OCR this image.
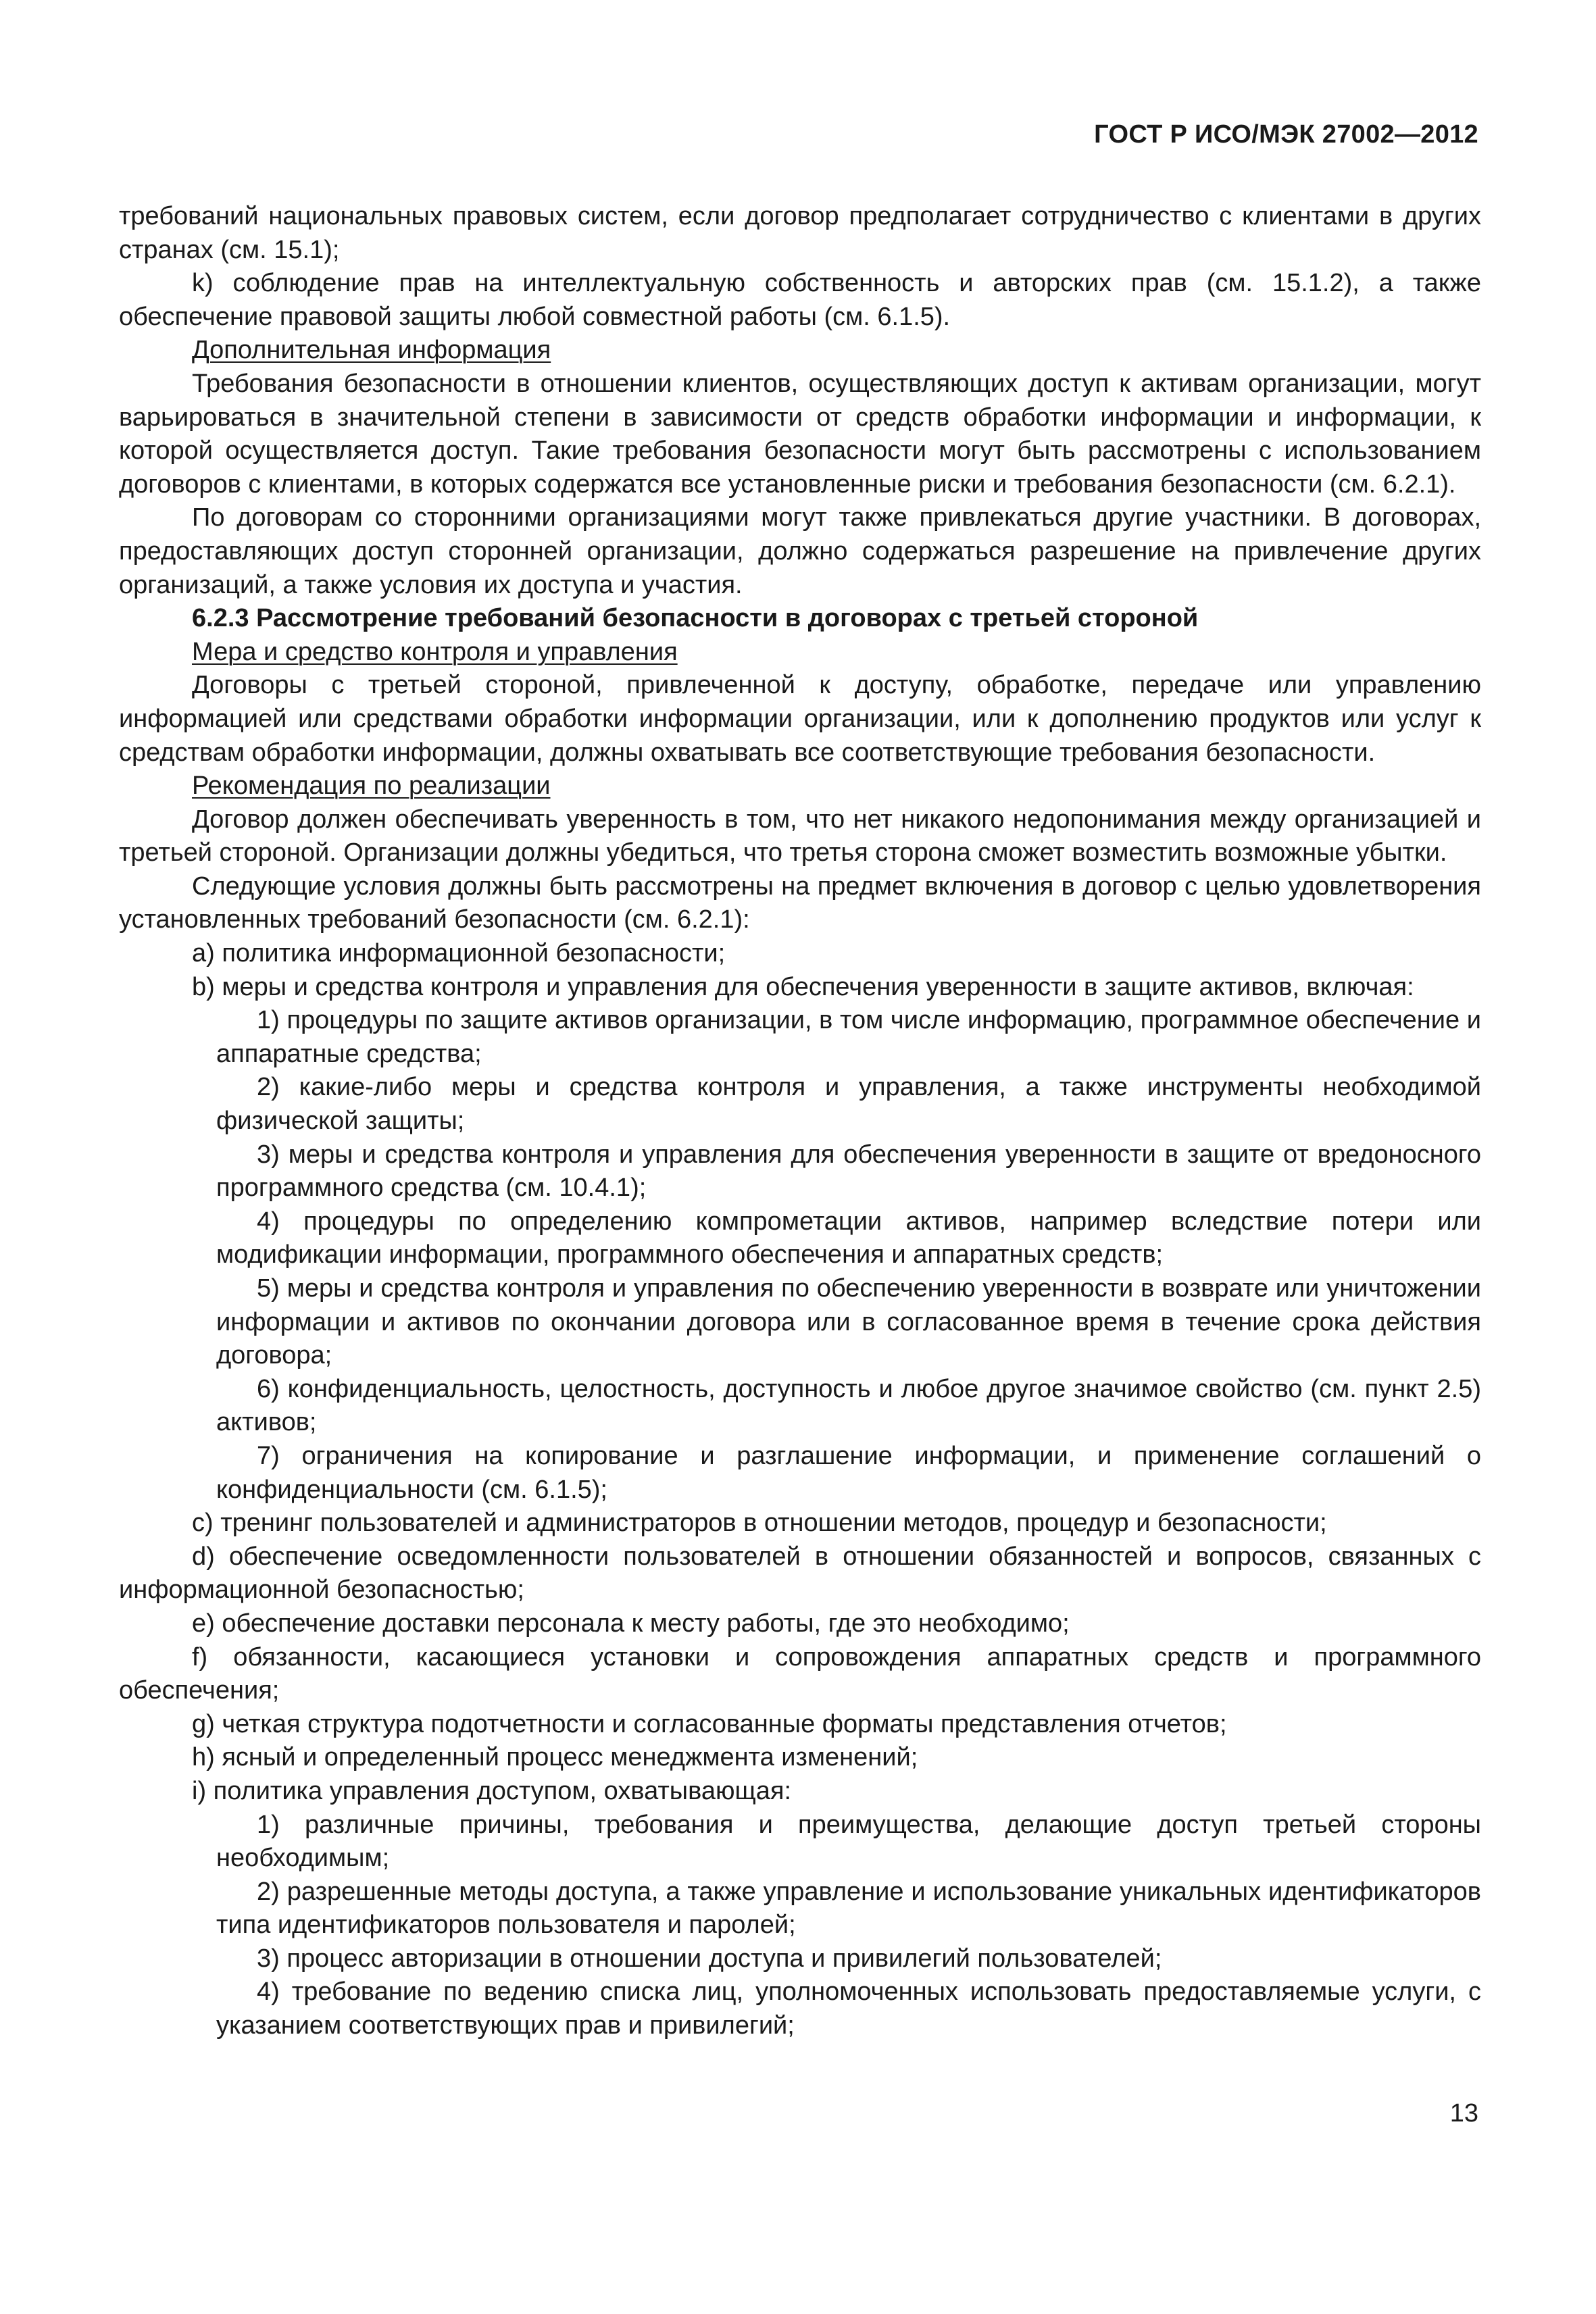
ГОСТ Р ИСО/МЭК 27002—2012

требований национальных правовых систем, если договор предполагает сотрудничество с клиентами в других странах (см. 15.1);

k) соблюдение прав на интеллектуальную собственность и авторских прав (см. 15.1.2), а также обеспечение правовой защиты любой совместной работы (см. 6.1.5).

Дополнительная информация

Требования безопасности в отношении клиентов, осуществляющих доступ к активам организации, могут варьироваться в значительной степени в зависимости от средств обработки информации и информации, к которой осуществляется доступ. Такие требования безопасности могут быть рассмотрены с использованием договоров с клиентами, в которых содержатся все установленные риски и требования безопасности (см. 6.2.1).

По договорам со сторонними организациями могут также привлекаться другие участники. В договорах, предоставляющих доступ сторонней организации, должно содержаться разрешение на привлечение других организаций, а также условия их доступа и участия.

6.2.3 Рассмотрение требований безопасности в договорах с третьей стороной

Мера и средство контроля и управления

Договоры с третьей стороной, привлеченной к доступу, обработке, передаче или управлению информацией или средствами обработки информации организации, или к дополнению продуктов или услуг к средствам обработки информации, должны охватывать все соответствующие требования безопасности.

Рекомендация по реализации

Договор должен обеспечивать уверенность в том, что нет никакого недопонимания между организацией и третьей стороной. Организации должны убедиться, что третья сторона сможет возместить возможные убытки.

Следующие условия должны быть рассмотрены на предмет включения в договор с целью удовлетворения установленных требований безопасности (см. 6.2.1):

a) политика информационной безопасности;

b) меры и средства контроля и управления для обеспечения уверенности в защите активов, включая:

1) процедуры по защите активов организации, в том числе информацию, программное обеспечение и аппаратные средства;

2) какие-либо меры и средства контроля и управления, а также инструменты необходимой физической защиты;

3) меры и средства контроля и управления для обеспечения уверенности в защите от вредоносного программного средства (см. 10.4.1);

4) процедуры по определению компрометации активов, например вследствие потери или модификации информации, программного обеспечения и аппаратных средств;

5) меры и средства контроля и управления по обеспечению уверенности в возврате или уничтожении информации и активов по окончании договора или в согласованное время в течение срока действия договора;

6) конфиденциальность, целостность, доступность и любое другое значимое свойство (см. пункт 2.5) активов;

7) ограничения на копирование и разглашение информации, и применение соглашений о конфиденциальности (см. 6.1.5);

c) тренинг пользователей и администраторов в отношении методов, процедур и безопасности;

d) обеспечение осведомленности пользователей в отношении обязанностей и вопросов, связанных с информационной безопасностью;

e) обеспечение доставки персонала к месту работы, где это необходимо;

f) обязанности, касающиеся установки и сопровождения аппаратных средств и программного обеспечения;

g) четкая структура подотчетности и согласованные форматы представления отчетов;

h) ясный и определенный процесс менеджмента изменений;

i) политика управления доступом, охватывающая:

1) различные причины, требования и преимущества, делающие доступ третьей стороны необходимым;

2) разрешенные методы доступа, а также управление и использование уникальных идентификаторов типа идентификаторов пользователя и паролей;

3) процесс авторизации в отношении доступа и привилегий пользователей;

4) требование по ведению списка лиц, уполномоченных использовать предоставляемые услуги, с указанием соответствующих прав и привилегий;

13
